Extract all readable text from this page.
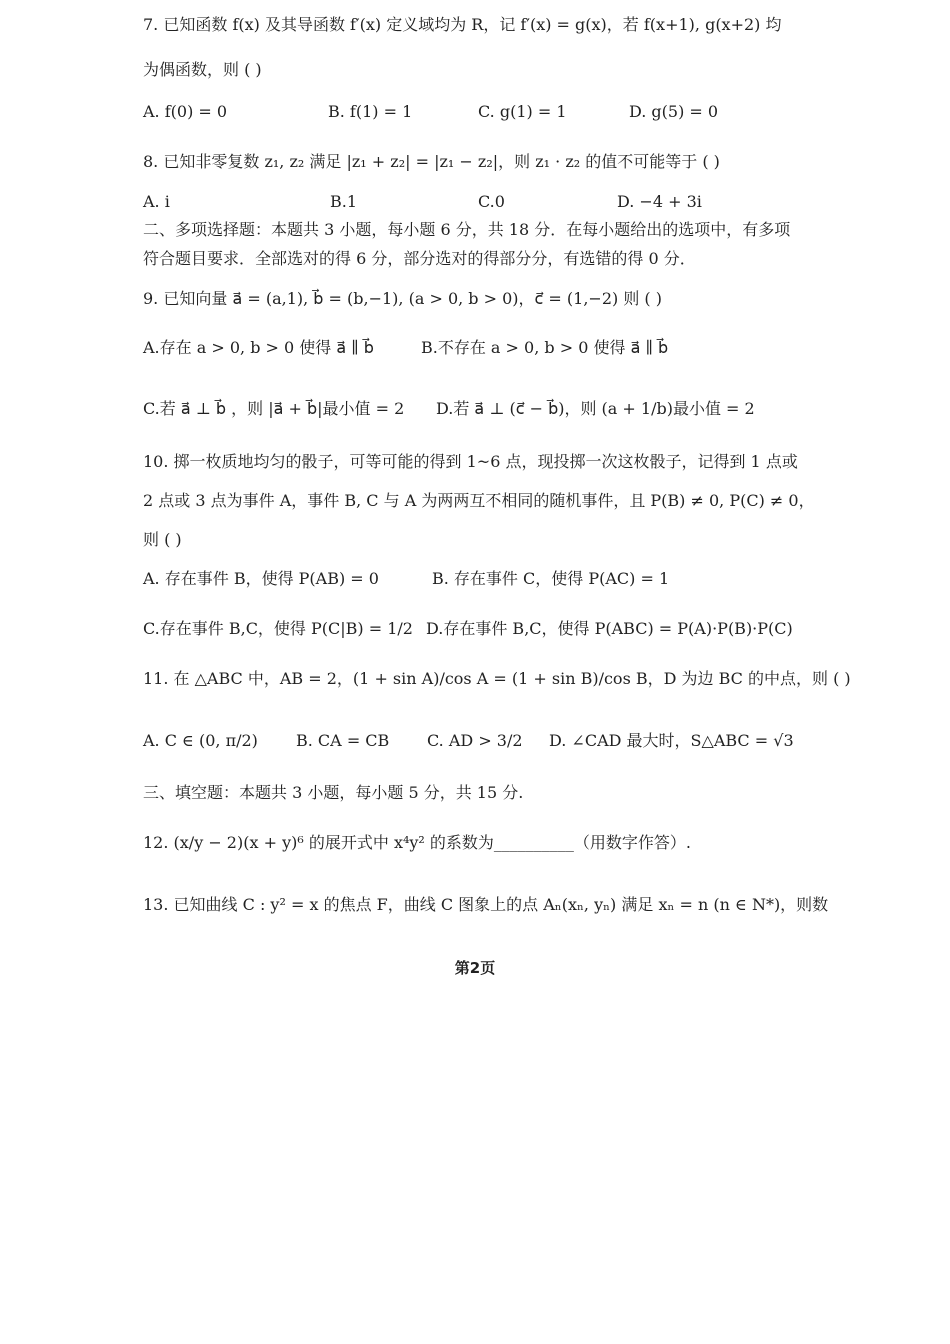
7. 已知函数 f(x) 及其导函数 f′(x) 定义域均为 R，记 f′(x) = g(x)，若 f(x+1), g(x+2) 均
为偶函数，则 ( )
A. f(0) = 0	B. f(1) = 1	C. g(1) = 1	D. g(5) = 0
8. 已知非零复数 z₁, z₂ 满足 |z₁ + z₂| = |z₁ − z₂|，则 z₁ · z₂ 的值不可能等于 ( )
A. i	B.1	C.0	D. −4 + 3i
二、多项选择题：本题共 3 小题，每小题 6 分，共 18 分．在每小题给出的选项中，有多项
符合题目要求．全部选对的得 6 分，部分选对的得部分分，有选错的得 0 分．
9. 已知向量 a⃗ = (a,1), b⃗ = (b,−1), (a > 0, b > 0)，c⃗ = (1,−2) 则 ( )
A.存在 a > 0, b > 0 使得 a⃗ ∥ b⃗	B.不存在 a > 0, b > 0 使得 a⃗ ∥ b⃗
C.若 a⃗ ⊥ b⃗ ，则 |a⃗ + b⃗|最小值 = 2 D.若 a⃗ ⊥ (c⃗ − b⃗)，则 (a + 1/b)最小值 = 2
10. 掷一枚质地均匀的骰子，可等可能的得到 1~6 点，现投掷一次这枚骰子，记得到 1 点或
2 点或 3 点为事件 A，事件 B, C 与 A 为两两互不相同的随机事件，且 P(B) ≠ 0, P(C) ≠ 0，
则 ( )
A. 存在事件 B，使得 P(AB) = 0	B. 存在事件 C，使得 P(AC) = 1
C.存在事件 B,C，使得 P(C|B) = 1/2 D.存在事件 B,C，使得 P(ABC) = P(A)·P(B)·P(C)
11. 在 △ABC 中，AB = 2，(1 + sin A)/cos A = (1 + sin B)/cos B，D 为边 BC 的中点，则 ( )
A. C ∈ (0, π/2) B. CA = CB C. AD > 3/2 D. ∠CAD 最大时，S△ABC = √3
三、填空题：本题共 3 小题，每小题 5 分，共 15 分.
12. (x/y − 2)(x + y)⁶ 的展开式中 x⁴y² 的系数为__________（用数字作答）.
13. 已知曲线 C : y² = x 的焦点 F，曲线 C 图象上的点 Aₙ(xₙ, yₙ) 满足 xₙ = n (n ∈ N*)，则数
第2页
